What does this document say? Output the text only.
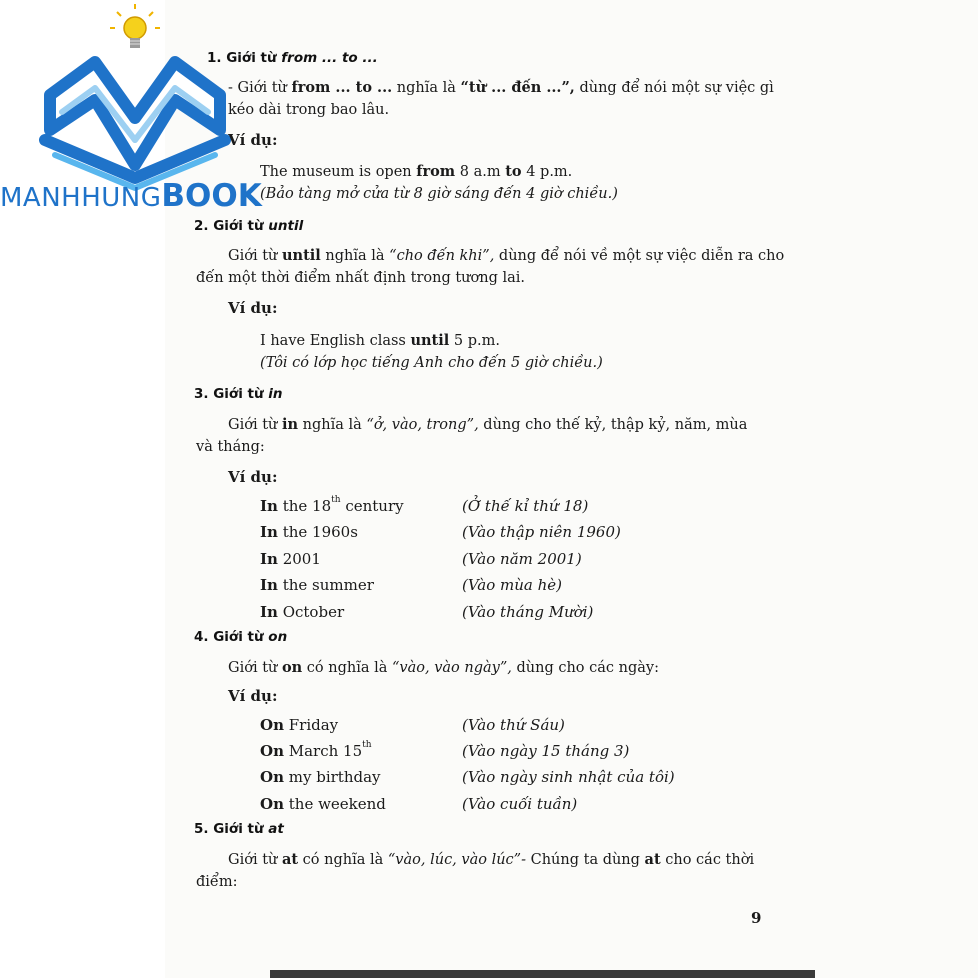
MANHHUNGBOOK
1. Giới từ from ... to ...
- Giới từ from ... to ... nghĩa là “từ ... đến ...”, dùng để nói một sự việc gì
kéo dài trong bao lâu.
Ví dụ:
The museum is open from 8 a.m to 4 p.m.
(Bảo tàng mở cửa từ 8 giờ sáng đến 4 giờ chiều.)
2. Giới từ until
Giới từ until nghĩa là “cho đến khi”, dùng để nói về một sự việc diễn ra cho
đến một thời điểm nhất định trong tương lai.
Ví dụ:
I have English class until 5 p.m.
(Tôi có lớp học tiếng Anh cho đến 5 giờ chiều.)
3. Giới từ in
Giới từ in nghĩa là “ở, vào, trong”, dùng cho thế kỷ, thập kỷ, năm, mùa
và tháng:
Ví dụ:
In the 18th century	(Ở thế kỉ thứ 18)
In the 1960s	(Vào thập niên 1960)
In 2001	(Vào năm 2001)
In the summer	(Vào mùa hè)
In October	(Vào tháng Mười)
4. Giới từ on
Giới từ on có nghĩa là “vào, vào ngày”, dùng cho các ngày:
Ví dụ:
On Friday	(Vào thứ Sáu)
On March 15th	(Vào ngày 15 tháng 3)
On my birthday	(Vào ngày sinh nhật của tôi)
On the weekend	(Vào cuối tuần)
5. Giới từ at
Giới từ at có nghĩa là “vào, lúc, vào lúc”- Chúng ta dùng at cho các thời
điểm:
9
